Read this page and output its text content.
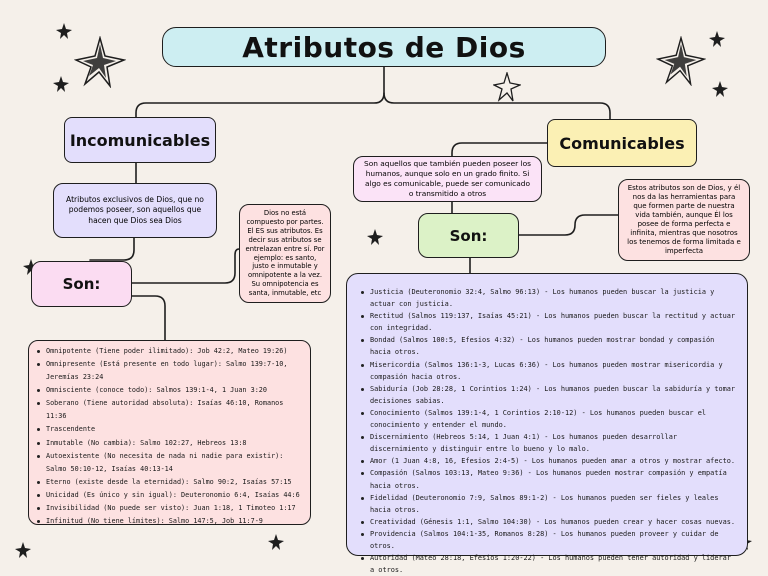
Atributos de Dios
Incomunicables
Atributos exclusivos de Dios, que no podemos poseer, son aquellos que hacen que Dios sea Dios
Dios no está compuesto por partes. El ES sus atributos. Es decir sus atributos se entrelazan entre sí. Por ejemplo: es santo, justo e inmutable y omnipotente a la vez. Su omnipotencia es santa, inmutable, etc
Son:
Omnipotente (Tiene poder ilimitado): Job 42:2, Mateo 19:26)
Omnipresente (Está presente en todo lugar): Salmo 139:7-10, Jeremías 23:24
Omnisciente (conoce todo): Salmos 139:1-4, 1 Juan 3:20
Soberano (Tiene autoridad absoluta): Isaías 46:10, Romanos 11:36
Trascendente
Inmutable (No cambia): Salmo 102:27, Hebreos 13:8
Autoexistente (No necesita de nada ni nadie para existir): Salmo 50:10-12, Isaías 40:13-14
Eterno (existe desde la eternidad): Salmo 90:2, Isaías 57:15
Unicidad (Es único y sin igual): Deuteronomio 6:4, Isaías 44:6
Invisibilidad (No puede ser visto): Juan 1:18, 1 Timoteo 1:17
Infinitud (No tiene límites): Salmo 147:5, Job 11:7-9
Comunicables
Son aquellos que también pueden poseer los humanos, aunque solo en un grado finito. Si algo es comunicable, puede ser comunicado o transmitido a otros
Estos atributos son de Dios, y él nos da las herramientas para que formen parte de nuestra vida también, aunque Él los posee de forma perfecta e infinita, mientras que nosotros los tenemos de forma limitada e imperfecta
Son:
Justicia (Deuteronomio 32:4, Salmo 96:13) - Los humanos pueden buscar la justicia y actuar con justicia.
Rectitud (Salmos 119:137, Isaías 45:21) - Los humanos pueden buscar la rectitud y actuar con integridad.
Bondad (Salmos 100:5, Efesios 4:32) - Los humanos pueden mostrar bondad y compasión hacia otros.
Misericordia (Salmos 136:1-3, Lucas 6:36) - Los humanos pueden mostrar misericordia y compasión hacia otros.
Sabiduría (Job 28:28, 1 Corintios 1:24) - Los humanos pueden buscar la sabiduría y tomar decisiones sabias.
Conocimiento (Salmos 139:1-4, 1 Corintios 2:10-12) - Los humanos pueden buscar el conocimiento y entender el mundo.
Discernimiento (Hebreos 5:14, 1 Juan 4:1) - Los humanos pueden desarrollar discernimiento y distinguir entre lo bueno y lo malo.
Amor (1 Juan 4:8, 16, Efesios 2:4-5) - Los humanos pueden amar a otros y mostrar afecto.
Compasión (Salmos 103:13, Mateo 9:36) - Los humanos pueden mostrar compasión y empatía hacia otros.
Fidelidad (Deuteronomio 7:9, Salmos 89:1-2) - Los humanos pueden ser fieles y leales hacia otros.
Creatividad (Génesis 1:1, Salmo 104:30) - Los humanos pueden crear y hacer cosas nuevas.
Providencia (Salmos 104:1-35, Romanos 8:28) - Los humanos pueden proveer y cuidar de otros.
Autoridad (Mateo 28:18, Efesios 1:20-22) - Los humanos pueden tener autoridad y liderar a otros.
